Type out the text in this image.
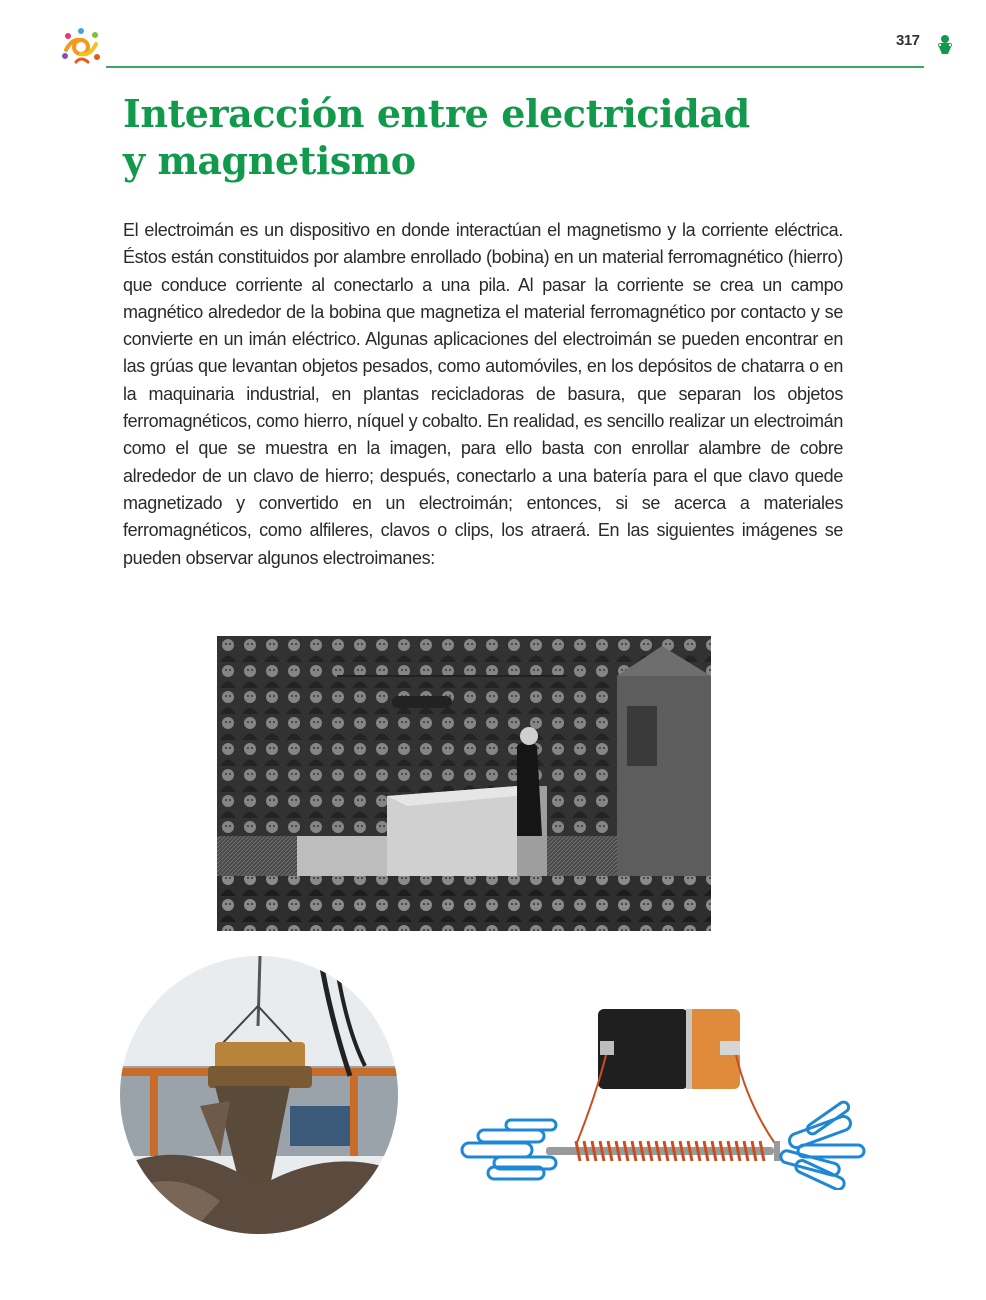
317
Interacción entre electricidad
y magnetismo

El electroimán es un dispositivo en donde interactúan el magnetismo y la corriente eléctrica. Éstos están constituidos por alambre enrollado (bobina) en un material ferromagnético (hierro) que conduce corriente al conectarlo a una pila. Al pasar la corriente se crea un campo magnético alrededor de la bobina que magnetiza el material ferromagnético por contacto y se convierte en un imán eléctrico. Algunas aplicaciones del electroimán se pueden encontrar en las grúas que levantan objetos pesados, como automóviles, en los depósitos de chatarra o en la maquinaria industrial, en plantas recicladoras de basura, que separan los objetos ferromagnéticos, como hierro, níquel y cobalto. En realidad, es sencillo realizar un electroimán como el que se muestra en la imagen, para ello basta con enrollar alambre de cobre alrededor de un clavo de hierro; después, conectarlo a una batería para el que clavo quede magnetizado y convertido en un electroimán; entonces, si se acerca a materiales ferromagnéticos, como alfileres, clavos o clips, los atraerá. En las siguientes imágenes se pueden observar algunos electroimanes:
